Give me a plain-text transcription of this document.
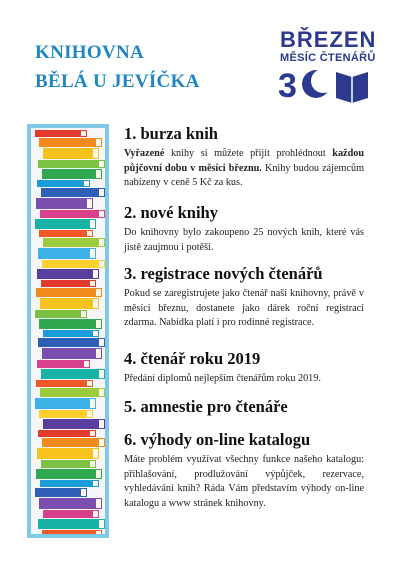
KNIHOVNA
BĚLÁ U JEVÍČKA
BŘEZEN
MĚSÍC ČTENÁŘŮ
3
1. burza knih

Vyřazené knihy si můžete přijít prohlédnout každou půjčovní dobu v měsíci březnu. Knihy budou zájemcům nabízeny v ceně 5 Kč za kus.

2. nové knihy

Do knihovny bylo zakoupeno 25 nových knih, které vás jistě zaujmou i potěší.

3. registrace nových čtenářů

Pokud se zaregistrujete jako čtenář naší knihovny, právě v měsíci březnu, dostanete jako dárek roční registraci zdarma. Nabídka platí i pro rodinné registrace.

4. čtenář roku 2019

Předání diplomů nejlepším čtenářům roku 2019.

5. amnestie pro čtenáře
6. výhody on-line katalogu

Máte problém využívat všechny funkce našeho katalogu: přihlašování, prodlužování výpůjček, rezervace, vyhledávání knih? Ráda Vám představím výhody on-line katalogu a www stránek knihovny.
